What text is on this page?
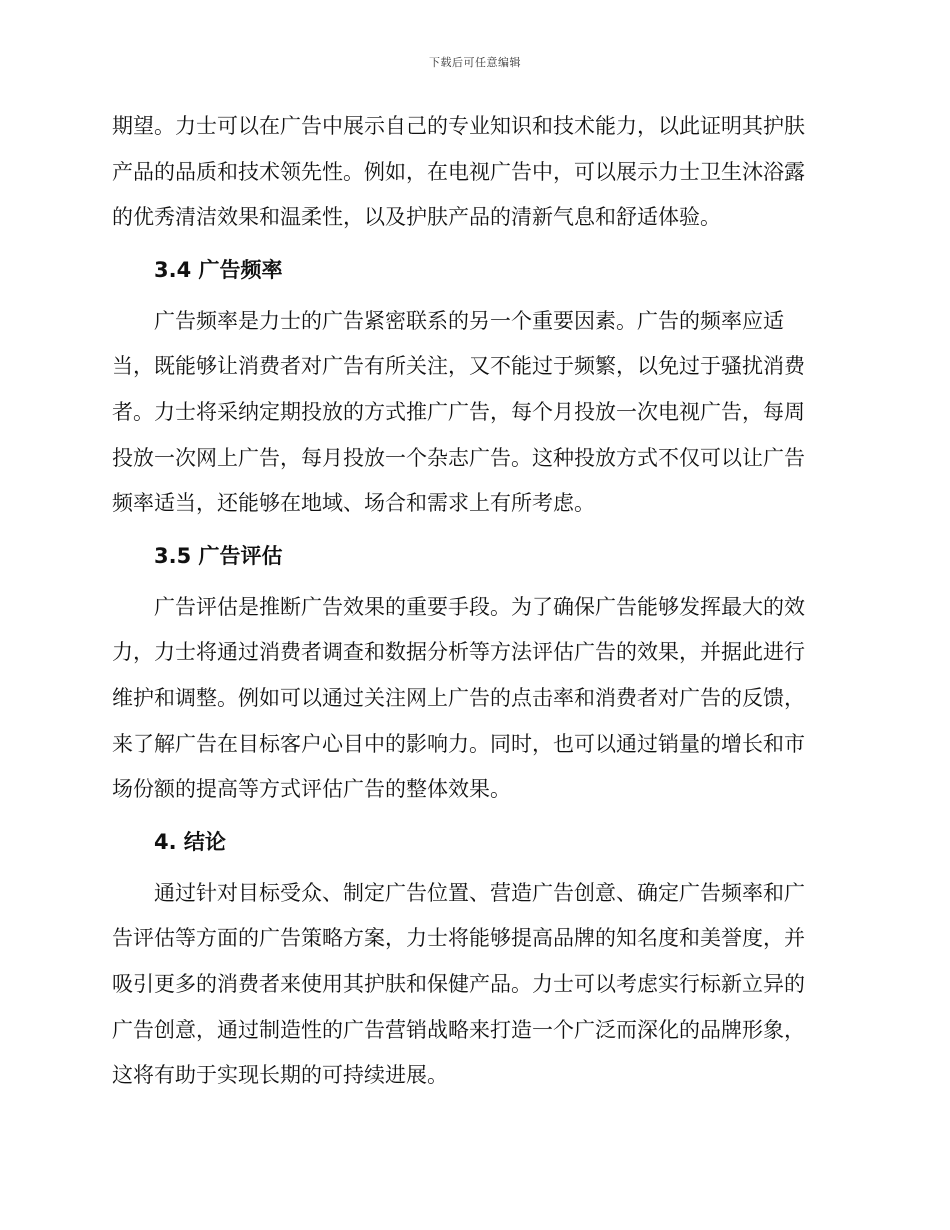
下载后可任意编辑

期望。力士可以在广告中展示自己的专业知识和技术能力，以此证明其护肤

产品的品质和技术领先性。例如，在电视广告中，可以展示力士卫生沐浴露

的优秀清洁效果和温柔性，以及护肤产品的清新气息和舒适体验。

3.4 广告频率

广告频率是力士的广告紧密联系的另一个重要因素。广告的频率应适

当，既能够让消费者对广告有所关注，又不能过于频繁，以免过于骚扰消费

者。力士将采纳定期投放的方式推广广告，每个月投放一次电视广告，每周

投放一次网上广告，每月投放一个杂志广告。这种投放方式不仅可以让广告

频率适当，还能够在地域、场合和需求上有所考虑。

3.5 广告评估

广告评估是推断广告效果的重要手段。为了确保广告能够发挥最大的效

力，力士将通过消费者调查和数据分析等方法评估广告的效果，并据此进行

维护和调整。例如可以通过关注网上广告的点击率和消费者对广告的反馈，

来了解广告在目标客户心目中的影响力。同时，也可以通过销量的增长和市

场份额的提高等方式评估广告的整体效果。

4. 结论

通过针对目标受众、制定广告位置、营造广告创意、确定广告频率和广

告评估等方面的广告策略方案，力士将能够提高品牌的知名度和美誉度，并

吸引更多的消费者来使用其护肤和保健产品。力士可以考虑实行标新立异的

广告创意，通过制造性的广告营销战略来打造一个广泛而深化的品牌形象，

这将有助于实现长期的可持续进展。
